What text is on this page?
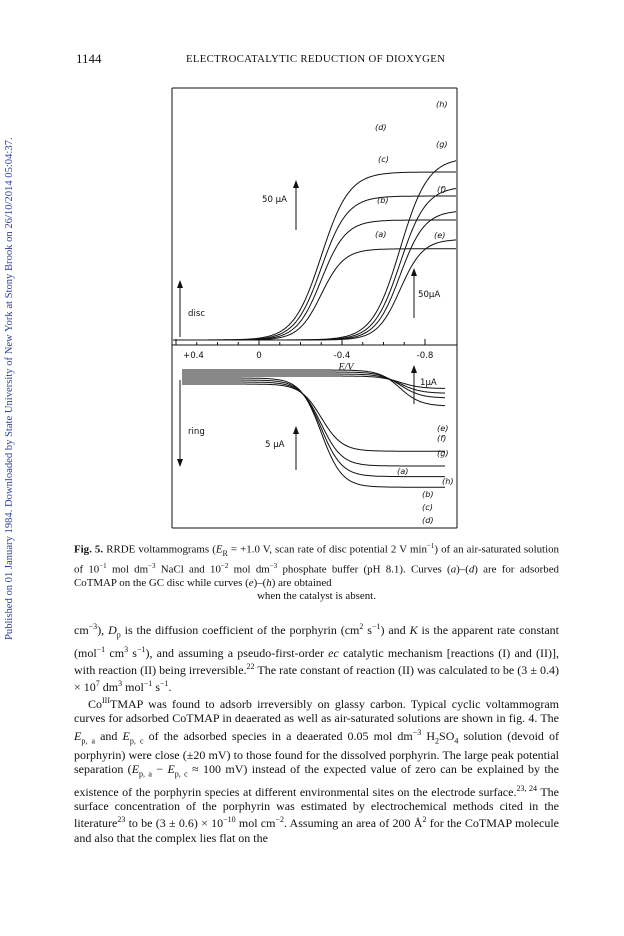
Published on 01 January 1984. Downloaded by State University of New York at Stony Brook on 26/10/2014 05:04:37.
1144	ELECTROCATALYTIC REDUCTION OF DIOXYGEN
+0.4	0	-0.4	-0.8
E/V
disc
ring
50 μA
50μA
5 μA
1μA
(a)
(b)
(c)
(d)
(e)
(f)
(g)
(h)
(a)
(b)
(c)
(d)
(e)
(f)
(g)
(h)
Fig. 5. RRDE voltammograms ($E_R = +1.0$ V, scan rate of disc potential 2 V $\min^{-1}$) of an air-saturated solution of $10^{-1}$ mol $dm^{-3}$ NaCl and $10^{-2}$ mol $dm^{-3}$ phosphate buffer (pH 8.1). Curves (a)–(d) are for adsorbed CoTMAP on the GC disc while curves (e)–(h) are obtained
when the catalyst is absent.

$cm^{-3}$), $D_p$ is the diffusion coefficient of the porphyrin ($cm^2$ $s^{-1}$) and K is the apparent rate constant (mol$^{-1}$ $cm^3$ $s^{-1}$), and assuming a pseudo-first-order ec catalytic mechanism [reactions (I) and (II)], with reaction (II) being irreversible.$^{22}$ The rate constant of reaction (II) was calculated to be $(3 \pm 0.4) \times 10^7$ $dm^3$ mol$^{-1}$ $s^{-1}$.

$Co^{III}TMAP$ was found to adsorb irreversibly on glassy carbon. Typical cyclic voltammogram curves for adsorbed CoTMAP in deaerated as well as air-saturated solutions are shown in fig. 4. The $E_{p, a}$ and $E_{p, c}$ of the adsorbed species in a deaerated 0.05 mol $dm^{-3}$ $H_2SO_4$ solution (devoid of porphyrin) were close (±20 mV) to those found for the dissolved porphyrin. The large peak potential separation ($E_{p, a} - E_{p, c} \approx 100$ mV) instead of the expected value of zero can be explained by the existence of the porphyrin species at different environmental sites on the electrode surface.$^{23, 24}$ The surface concentration of the porphyrin was estimated by electrochemical methods cited in the literature$^{23}$ to be $(3 \pm 0.6) \times 10^{-10}$ mol $cm^{-2}$. Assuming an area of 200 $Å^2$ for the CoTMAP molecule and also that the complex lies flat on the
